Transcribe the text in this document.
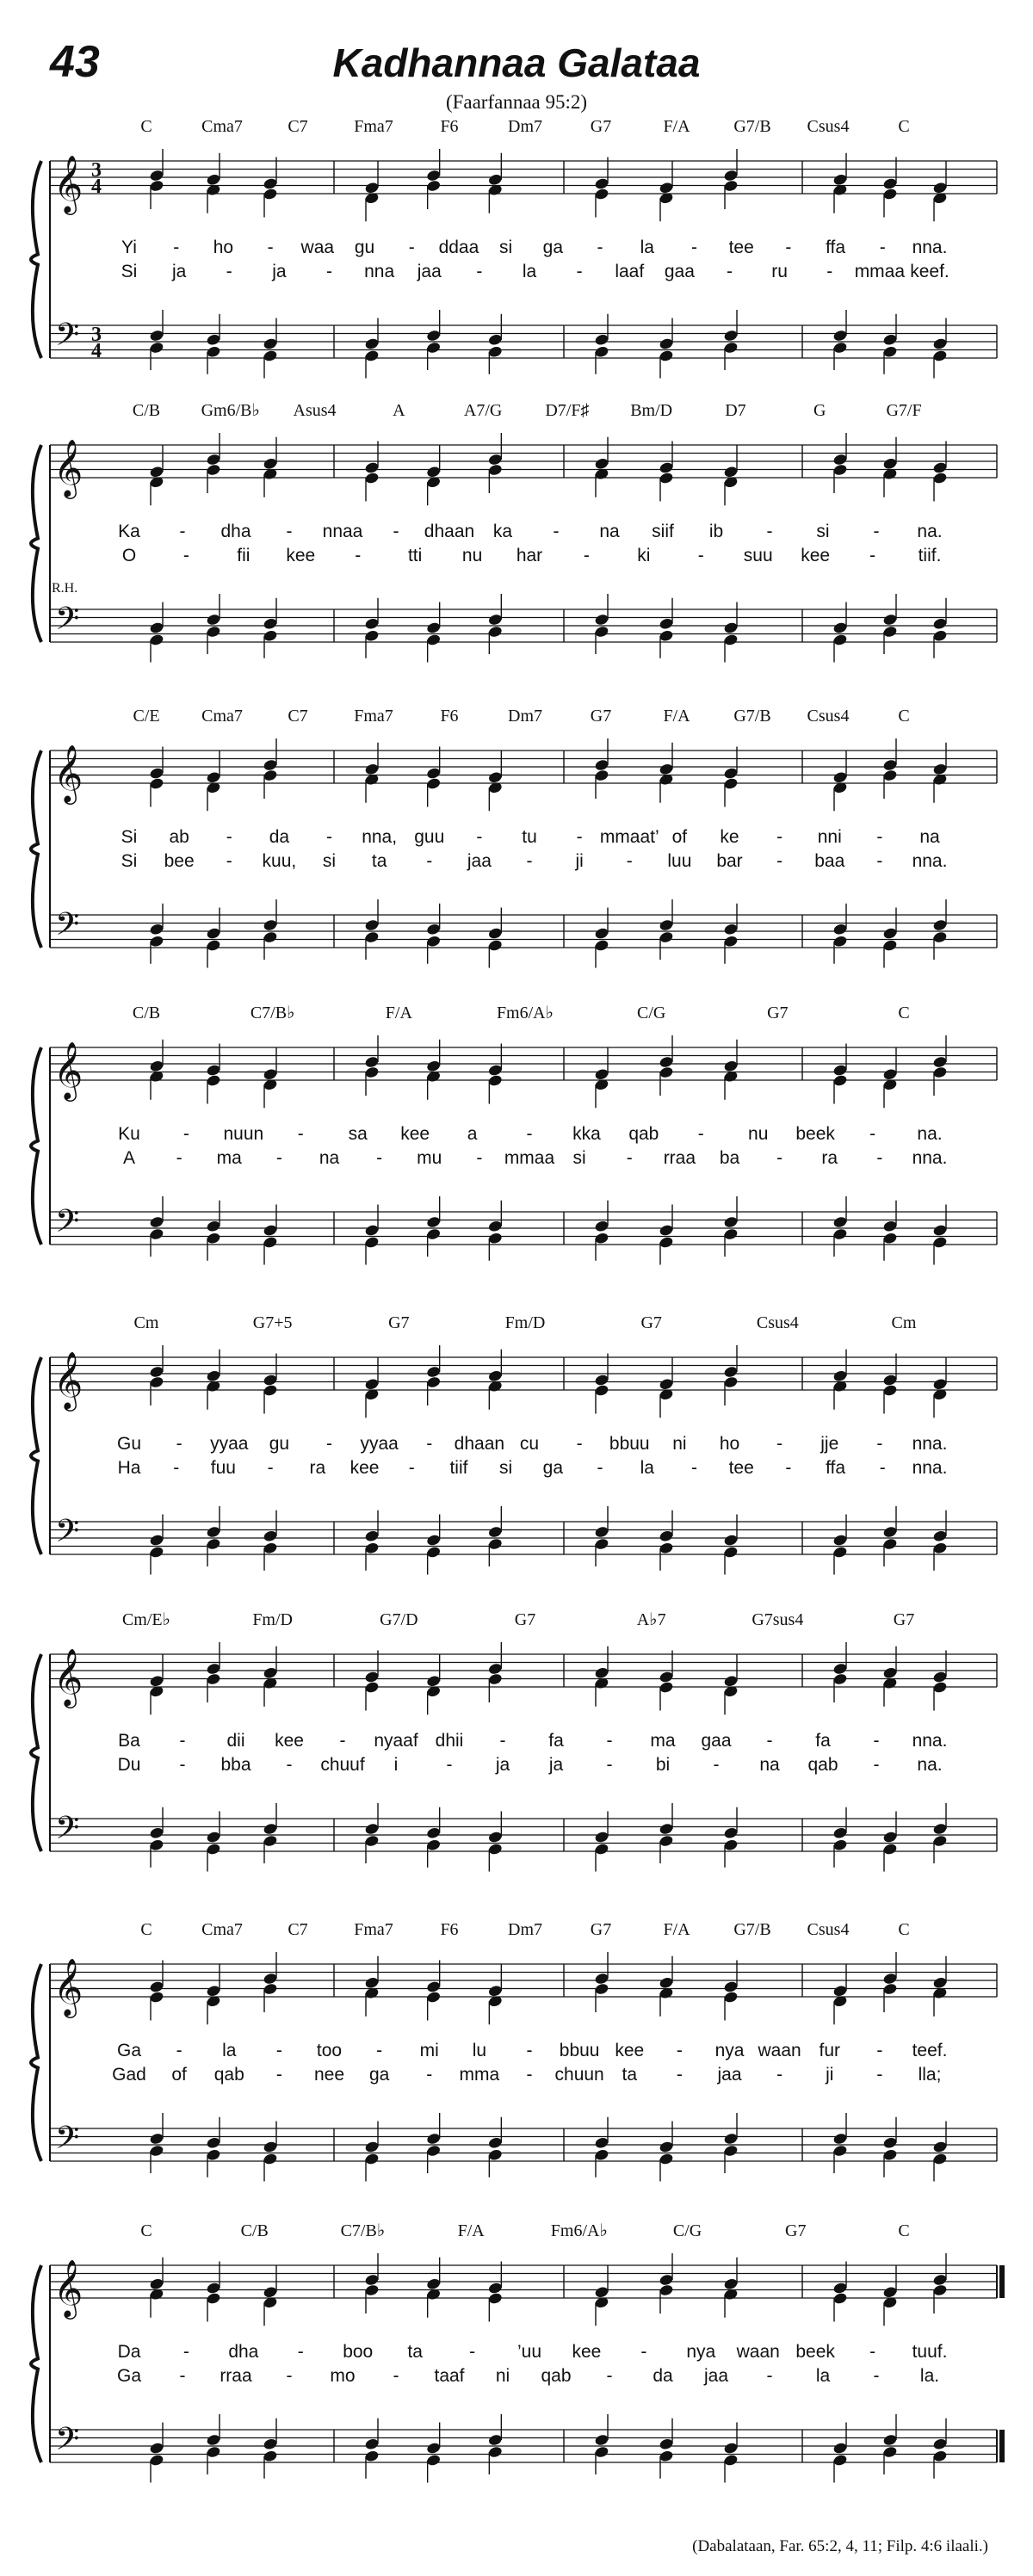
43	Kadhannaa Galataa
(Faarfannaa 95:2)
C	Cma7	C7	Fma7	F6	Dm7	G7	F/A	G7/B Csus4	C
𝄞
𝄢
3
4
3
4
Yi - ho - waa gu - ddaa si ga - la - tee - ffa - nna.
Si ja - ja - nna jaa - la - laaf gaa - ru - mmaa keef.
C/B Gm6/B♭ Asus4	A	A7/G D7/F♯ Bm/D	D7	G	G7/F
𝄞
𝄢
R.H.
Ka - dha - nnaa - dhaan ka - na siif ib - si - na.
O	-	fii kee -	tti nu har -	ki	- suu kee - tiif.
C/E Cma7	C7	Fma7	F6	Dm7	G7	F/A	G7/B Csus4	C
𝄞
𝄢
Si ab - da - nna, guu - tu - mmaat’ of ke - nni - na
Si bee - kuu, si ta - jaa - ji - luu bar - baa - nna.
C/B	C7/B♭	F/A	Fm6/A♭	C/G	G7	C
𝄞
𝄢
Ku - nuun - sa kee a	- kka qab - nu beek - na.
A - ma - na - mu - mmaa si - rraa ba - ra - nna.
Cm	G7+5	G7	Fm/D	G7	Csus4	Cm
𝄞
𝄢
Gu - yyaa gu - yyaa - dhaan cu - bbuu ni ho - jje - nna.
Ha - fuu - ra kee - tiif si ga - la - tee - ffa - nna.
Cm/E♭	Fm/D	G7/D	G7	A♭7	G7sus4	G7
𝄞
𝄢
Ba - dii kee - nyaaf dhii - fa - ma gaa - fa - nna.
Du - bba - chuuf i	- ja ja - bi - na qab - na.
C	Cma7	C7	Fma7	F6	Dm7	G7	F/A	G7/B Csus4	C
𝄞
𝄢
Ga - la - too - mi lu - bbuu kee - nya waan fur - teef.
Gad of qab - nee ga - mma - chuun ta - jaa - ji - lla;
C	C/B	C7/B♭	F/A	Fm6/A♭	C/G	G7	C
𝄞
𝄢
Da - dha - boo ta	- ’uu kee - nya waan beek - tuuf.
Ga - rraa - mo - taaf ni qab - da jaa - la - la.
(Dabalataan, Far. 65:2, 4, 11; Filp. 4:6 ilaali.)
